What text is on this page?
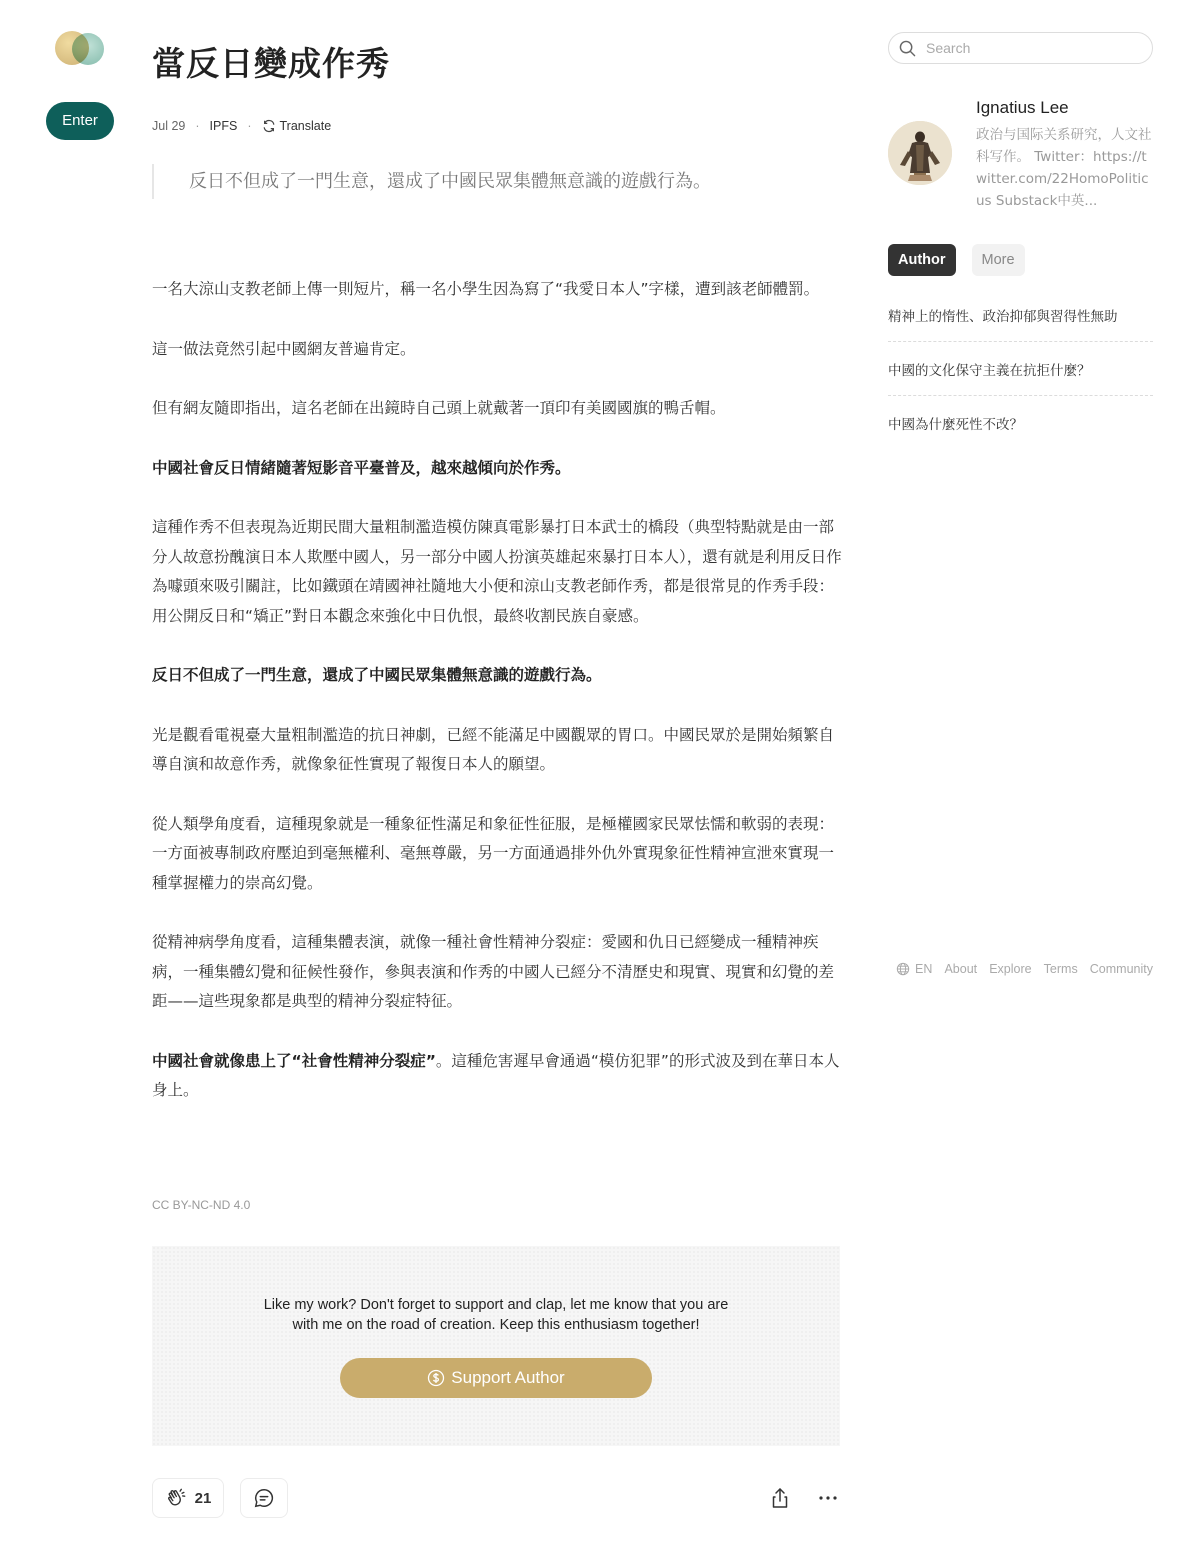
Enter
當反日變成作秀
Jul 29 · IPFS · Translate
反日不但成了一門生意，還成了中國民眾集體無意識的遊戲行為。

一名大涼山支教老師上傳一則短片，稱一名小學生因為寫了“我愛日本人”字樣，遭到該老師體罰。

這一做法竟然引起中國網友普遍肯定。

但有網友隨即指出，這名老師在出鏡時自己頭上就戴著一頂印有美國國旗的鴨舌帽。

中國社會反日情緒隨著短影音平臺普及，越來越傾向於作秀。

這種作秀不但表現為近期民間大量粗制濫造模仿陳真電影暴打日本武士的橋段（典型特點就是由一部分人故意扮醜演日本人欺壓中國人，另一部分中國人扮演英雄起來暴打日本人），還有就是利用反日作為噱頭來吸引關註，比如鐵頭在靖國神社隨地大小便和涼山支教老師作秀，都是很常見的作秀手段：用公開反日和“矯正”對日本觀念來強化中日仇恨，最終收割民族自豪感。

反日不但成了一門生意，還成了中國民眾集體無意識的遊戲行為。

光是觀看電視臺大量粗制濫造的抗日神劇，已經不能滿足中國觀眾的胃口。中國民眾於是開始頻繁自導自演和故意作秀，就像象征性實現了報復日本人的願望。

從人類學角度看，這種現象就是一種象征性滿足和象征性征服，是極權國家民眾怯懦和軟弱的表現：一方面被專制政府壓迫到毫無權利、毫無尊嚴，另一方面通過排外仇外實現象征性精神宣泄來實現一種掌握權力的崇高幻覺。

從精神病學角度看，這種集體表演，就像一種社會性精神分裂症：愛國和仇日已經變成一種精神疾病，一種集體幻覺和征候性發作，參與表演和作秀的中國人已經分不清歷史和現實、現實和幻覺的差距——這些現象都是典型的精神分裂症特征。

中國社會就像患上了“社會性精神分裂症”。這種危害遲早會通過“模仿犯罪”的形式波及到在華日本人身上。

CC BY-NC-ND 4.0
Like my work? Don't forget to support and clap, let me know that you are with me on the road of creation. Keep this enthusiasm together!
Support Author
21
Search
Ignatius Lee
政治与国际关系研究，人文社科写作。 Twitter：https://twitter.com/22HomoPoliticus Substack中英...
Author	More
精神上的惰性、政治抑郁與習得性無助
中國的文化保守主義在抗拒什麼？
中國為什麼死性不改？
EN About Explore Terms Community
